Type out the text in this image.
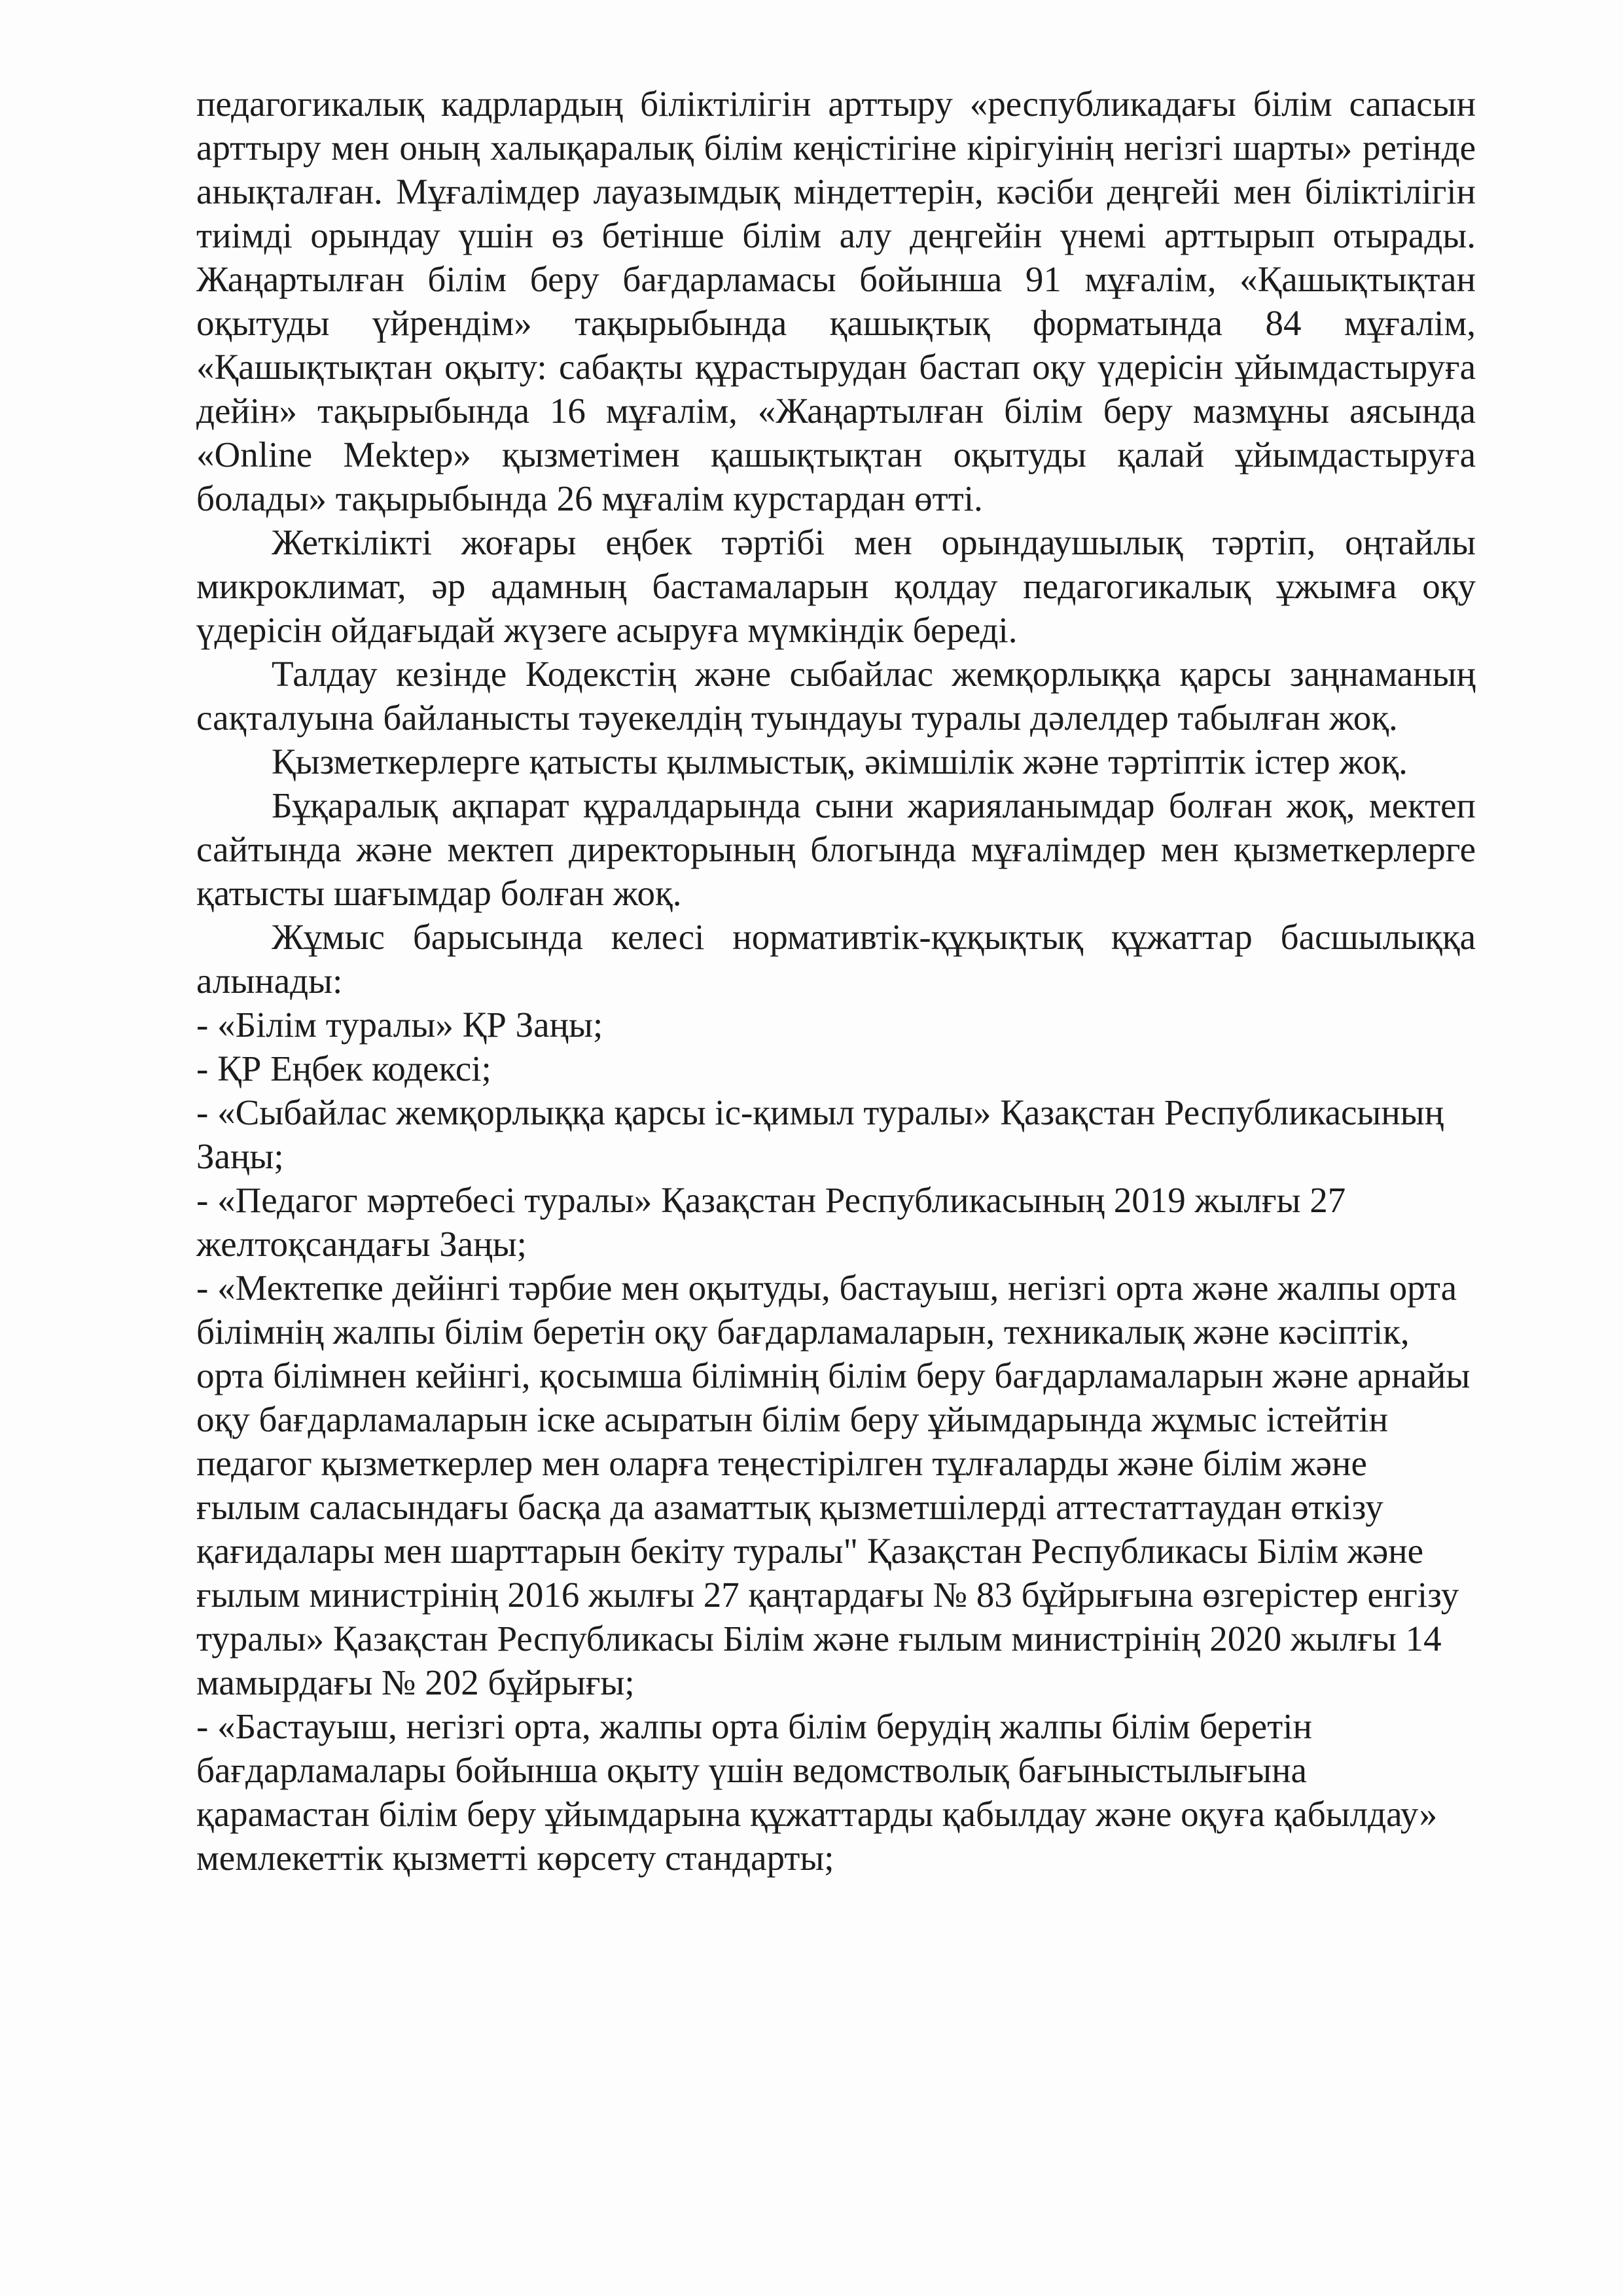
педагогикалық кадрлардың біліктілігін арттыру «республикадағы білім сапасын арттыру мен оның халықаралық білім кеңістігіне кірігуінің негізгі шарты» ретінде анықталған. Мұғалімдер лауазымдық міндеттерін, кәсіби деңгейі мен біліктілігін тиімді орындау үшін өз бетінше білім алу деңгейін үнемі арттырып отырады. Жаңартылған білім беру бағдарламасы бойынша 91 мұғалім, «Қашықтықтан оқытуды үйрендім» тақырыбында қашықтық форматында 84 мұғалім, «Қашықтықтан оқыту: сабақты құрастырудан бастап оқу үдерісін ұйымдастыруға дейін» тақырыбында 16 мұғалім, «Жаңартылған білім беру мазмұны аясында «Online Mektep» қызметімен қашықтықтан оқытуды қалай ұйымдастыруға болады» тақырыбында 26 мұғалім курстардан өтті.

Жеткілікті жоғары еңбек тәртібі мен орындаушылық тәртіп, оңтайлы микроклимат, әр адамның бастамаларын қолдау педагогикалық ұжымға оқу үдерісін ойдағыдай жүзеге асыруға мүмкіндік береді.

Талдау кезінде Кодекстің және сыбайлас жемқорлыққа қарсы заңнаманың сақталуына байланысты тәуекелдің туындауы туралы дәлелдер табылған жоқ.

Қызметкерлерге қатысты қылмыстық, әкімшілік және тәртіптік істер жоқ.

Бұқаралық ақпарат құралдарында сыни жарияланымдар болған жоқ, мектеп сайтында және мектеп директорының блогында мұғалімдер мен қызметкерлерге қатысты шағымдар болған жоқ.

Жұмыс барысында келесі нормативтік-құқықтық құжаттар басшылыққа алынады:

- «Білім туралы» ҚР Заңы;

- ҚР Еңбек кодексі;

- «Сыбайлас жемқорлыққа қарсы іс-қимыл туралы» Қазақстан Республикасының Заңы;

- «Педагог мәртебесі туралы» Қазақстан Республикасының 2019 жылғы 27 желтоқсандағы Заңы;

- «Мектепке дейінгі тәрбие мен оқытуды, бастауыш, негізгі орта және жалпы орта білімнің жалпы білім беретін оқу бағдарламаларын, техникалық және кәсіптік, орта білімнен кейінгі, қосымша білімнің білім беру бағдарламаларын және арнайы оқу бағдарламаларын іске асыратын білім беру ұйымдарында жұмыс істейтін педагог қызметкерлер мен оларға теңестірілген тұлғаларды және білім және ғылым саласындағы басқа да азаматтық қызметшілерді аттестаттаудан өткізу қағидалары мен шарттарын бекіту туралы" Қазақстан Республикасы Білім және ғылым министрінің 2016 жылғы 27 қаңтардағы № 83 бұйрығына өзгерістер енгізу туралы» Қазақстан Республикасы Білім және ғылым министрінің 2020 жылғы 14 мамырдағы № 202 бұйрығы;

- «Бастауыш, негізгі орта, жалпы орта білім берудің жалпы білім беретін бағдарламалары бойынша оқыту үшін ведомстволық бағыныстылығына қарамастан білім беру ұйымдарына құжаттарды қабылдау және оқуға қабылдау» мемлекеттік қызметті көрсету стандарты;
